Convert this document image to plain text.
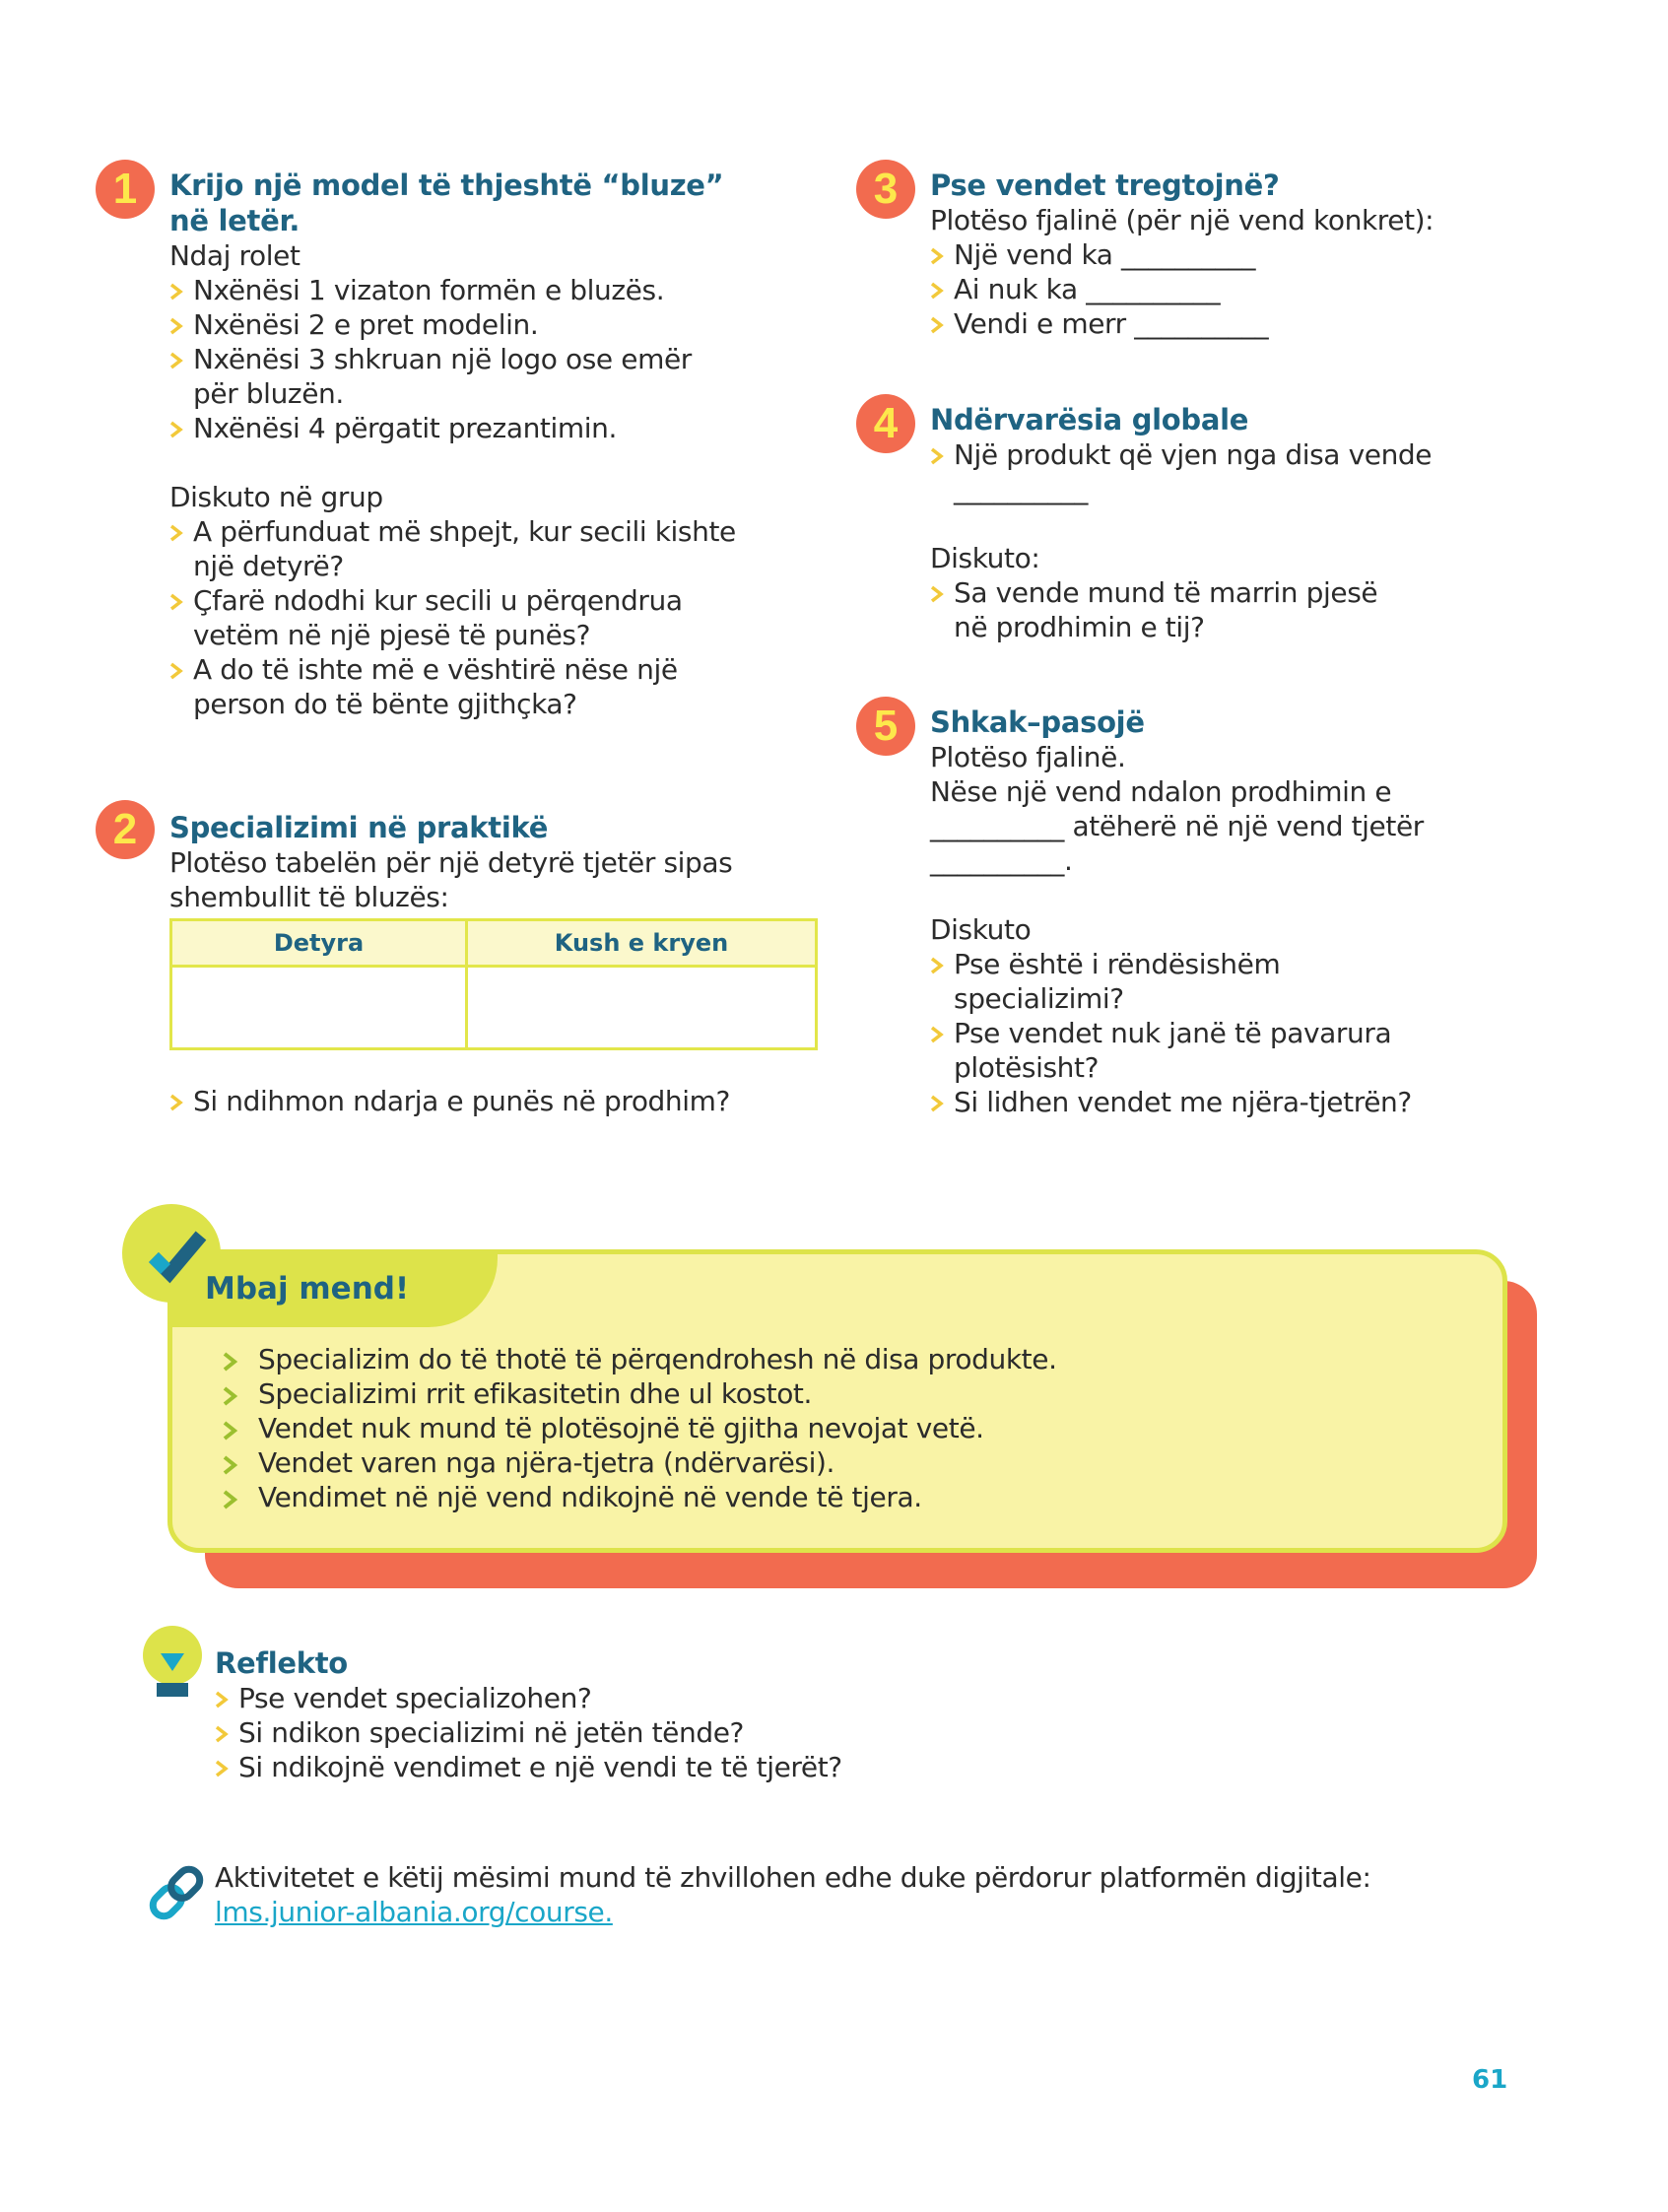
1	Krijo një model të thjeshtë “bluze”
në letër.

Ndaj rolet

Nxënësi 1 vizaton formën e bluzës.
Nxënësi 2 e pret modelin.
Nxënësi 3 shkruan një logo ose emër
për bluzën.
Nxënësi 4 përgatit prezantimin.

Diskuto në grup

A përfunduat më shpejt, kur secili kishte
një detyrë?
Çfarë ndodhi kur secili u përqendrua
vetëm në një pjesë të punës?
A do të ishte më e vështirë nëse një
person do të bënte gjithçka?
2	Specializimi në praktikë

Plotëso tabelën për një detyrë tjetër sipas
shembullit të bluzës:

Detyra	Kush e kryen

Si ndihmon ndarja e punës në prodhim?
3	Pse vendet tregtojnë?

Plotëso fjalinë (për një vend konkret):

Një vend ka __________
Ai nuk ka __________
Vendi e merr __________
4	Ndërvarësia globale
Një produkt që vjen nga disa vende
__________

Diskuto:

Sa vende mund të marrin pjesë
në prodhimin e tij?
5	Shkak–pasojë

Plotëso fjalinë.

Nëse një vend ndalon prodhimin e
__________ atëherë në një vend tjetër
__________.

Diskuto

Pse është i rëndësishëm
specializimi?
Pse vendet nuk janë të pavarura
plotësisht?
Si lidhen vendet me njëra-tjetrën?
Mbaj mend!
Specializim do të thotë të përqendrohesh në disa produkte.
Specializimi rrit efikasitetin dhe ul kostot.
Vendet nuk mund të plotësojnë të gjitha nevojat vetë.
Vendet varen nga njëra-tjetra (ndërvarësi).
Vendimet në një vend ndikojnë në vende të tjera.
Reflekto
Pse vendet specializohen?
Si ndikon specializimi në jetën tënde?
Si ndikojnë vendimet e një vendi te të tjerët?

Aktivitetet e këtij mësimi mund të zhvillohen edhe duke përdorur platformën digjitale:

lms.junior-albania.org/course.

61
